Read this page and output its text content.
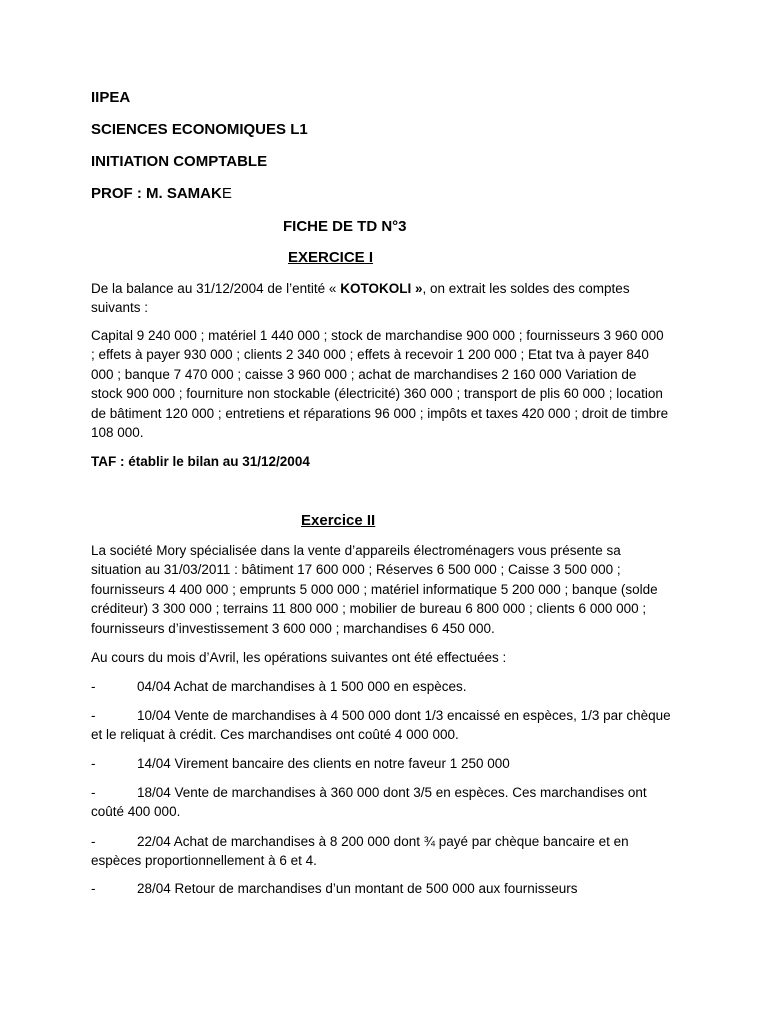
IIPEA
SCIENCES ECONOMIQUES L1
INITIATION COMPTABLE
PROF : M. SAMAKE
FICHE DE TD N°3
EXERCICE I
De la balance au 31/12/2004 de l’entité « KOTOKOLI », on extrait les soldes des comptes suivants :
Capital 9 240 000 ; matériel 1 440 000 ; stock de marchandise 900 000 ; fournisseurs 3 960 000 ; effets à payer 930 000 ; clients 2 340 000 ; effets à recevoir 1 200 000 ; Etat tva à payer 840 000 ; banque 7 470 000 ; caisse 3 960 000 ; achat de marchandises 2 160 000 Variation de stock 900 000 ; fourniture non stockable (électricité) 360 000 ; transport de plis 60 000 ; location de bâtiment 120 000 ; entretiens et réparations 96 000 ; impôts et taxes 420 000 ; droit de timbre 108 000.
TAF : établir le bilan au 31/12/2004
Exercice II
La société Mory spécialisée dans la vente d’appareils électroménagers vous présente sa situation au 31/03/2011 : bâtiment 17 600 000 ; Réserves 6 500 000 ; Caisse 3 500 000 ; fournisseurs 4 400 000 ; emprunts 5 000 000 ; matériel informatique 5 200 000 ; banque (solde créditeur) 3 300 000 ; terrains 11 800 000 ; mobilier de bureau 6 800 000 ; clients 6 000 000 ; fournisseurs d’investissement 3 600 000 ; marchandises 6 450 000.
Au cours du mois d’Avril, les opérations suivantes ont été effectuées :
-	04/04 Achat de marchandises à 1 500 000 en espèces.
-	10/04 Vente de marchandises à 4 500 000 dont 1/3 encaissé en espèces, 1/3 par chèque et le reliquat à crédit. Ces marchandises ont coûté 4 000 000.
-	14/04 Virement bancaire des clients en notre faveur 1 250 000
-	18/04 Vente de marchandises à 360 000 dont 3/5 en espèces. Ces marchandises ont coûté 400 000.
-	22/04 Achat de marchandises à 8 200 000 dont ¾ payé par chèque bancaire et en espèces proportionnellement à 6 et 4.
-	28/04 Retour de marchandises d’un montant de 500 000 aux fournisseurs
